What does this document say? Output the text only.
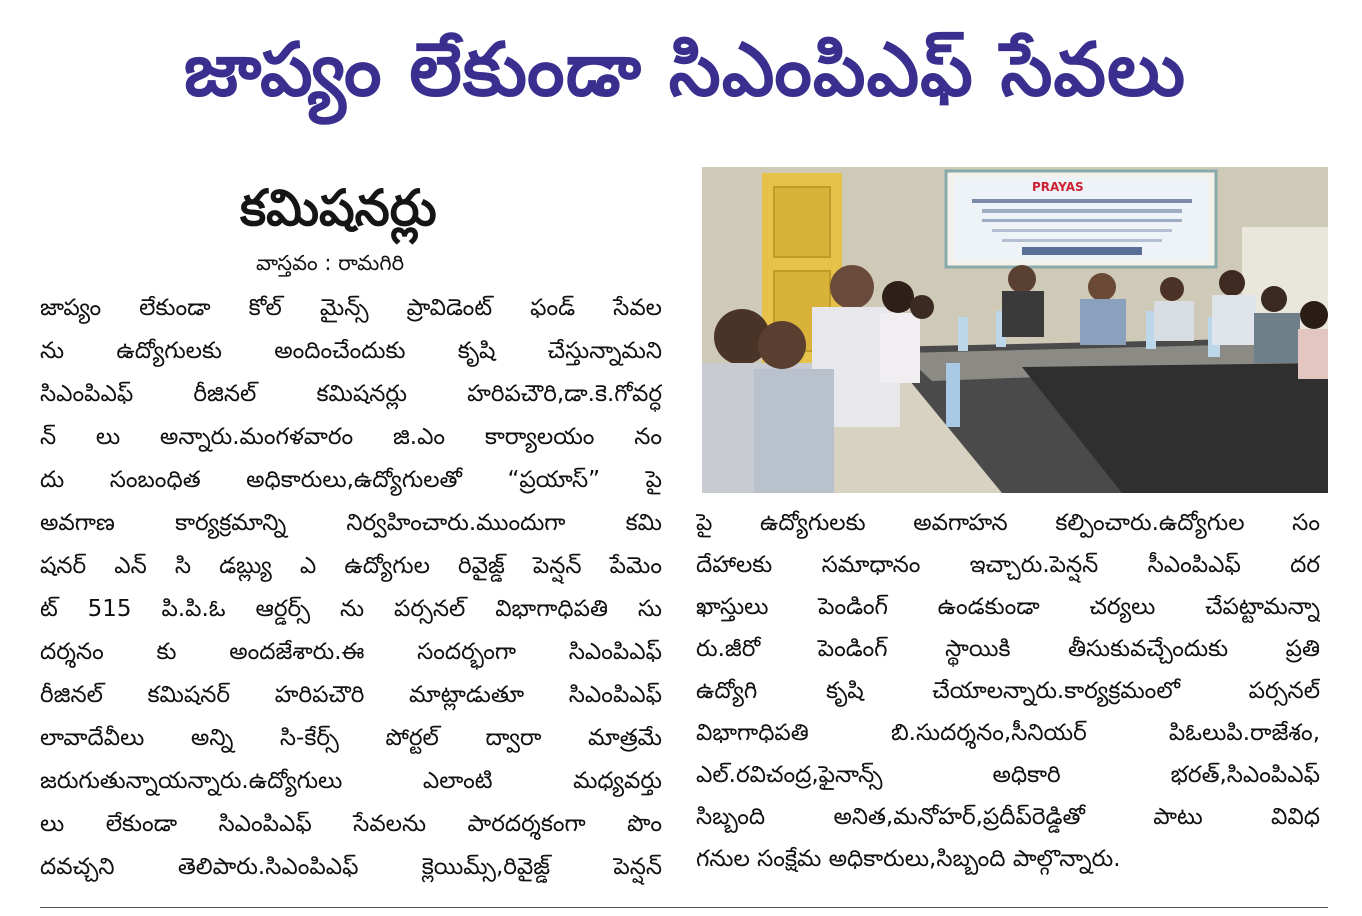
జాప్యం లేకుండా సిఎంపిఎఫ్ సేవలు
కమిషనర్లు
వాస్తవం : రామగిరి
జాప్యం లేకుండా కోల్ మైన్స్ ప్రావిడెంట్ ఫండ్ సేవల
ను ఉద్యోగులకు అందించేందుకు కృషి చేస్తున్నామని
సిఎంపిఎఫ్ రీజినల్ కమిషనర్లు హరిపచౌరి,డా.కె.గోవర్ధ
న్ లు అన్నారు.మంగళవారం జి.ఎం కార్యాలయం నం
దు సంబంధిత అధికారులు,ఉద్యోగులతో “ప్రయాస్” పై
అవగాణ కార్యక్రమాన్ని నిర్వహించారు.ముందుగా కమి
షనర్ ఎన్ సి డబ్ల్యు ఎ ఉద్యోగుల రివైజ్డ్ పెన్షన్ పేమెం
ట్ 515 పి.పి.ఓ ఆర్డర్స్ ను పర్సనల్ విభాగాధిపతి సు
దర్శనం కు అందజేశారు.ఈ సందర్భంగా సిఎంపిఎఫ్
రీజినల్ కమిషనర్ హరిపచౌరి మాట్లాడుతూ సిఎంపిఎఫ్
లావాదేవీలు అన్ని సి-కేర్స్ పోర్టల్ ద్వారా మాత్రమే
జరుగుతున్నాయన్నారు.ఉద్యోగులు ఎలాంటి మధ్యవర్తు
లు లేకుండా సిఎంపిఎఫ్ సేవలను పారదర్శకంగా పొం
దవచ్చని తెలిపారు.సిఎంపిఎఫ్ క్లెయిమ్స్,రివైజ్డ్ పెన్షన్
PRAYAS
పై ఉద్యోగులకు అవగాహన కల్పించారు.ఉద్యోగుల సం
దేహాలకు సమాధానం ఇచ్చారు.పెన్షన్ సీఎంపిఎఫ్ దర
ఖాస్తులు పెండింగ్ ఉండకుండా చర్యలు చేపట్టామన్నా
రు.జీరో పెండింగ్ స్థాయికి తీసుకువచ్చేందుకు ప్రతి
ఉద్యోగి కృషి చేయాలన్నారు.కార్యక్రమంలో పర్సనల్
విభాగాధిపతి బి.సుదర్శనం,సీనియర్ పిఓలుపి.రాజేశం,
ఎల్.రవిచంద్ర,ఫైనాన్స్ అధికారి భరత్,సిఎంపిఎఫ్
సిబ్బంది అనిత,మనోహర్,ప్రదీప్‌రెడ్డితో పాటు వివిధ
గనుల సంక్షేమ అధికారులు,సిబ్బంది పాల్గొన్నారు.
